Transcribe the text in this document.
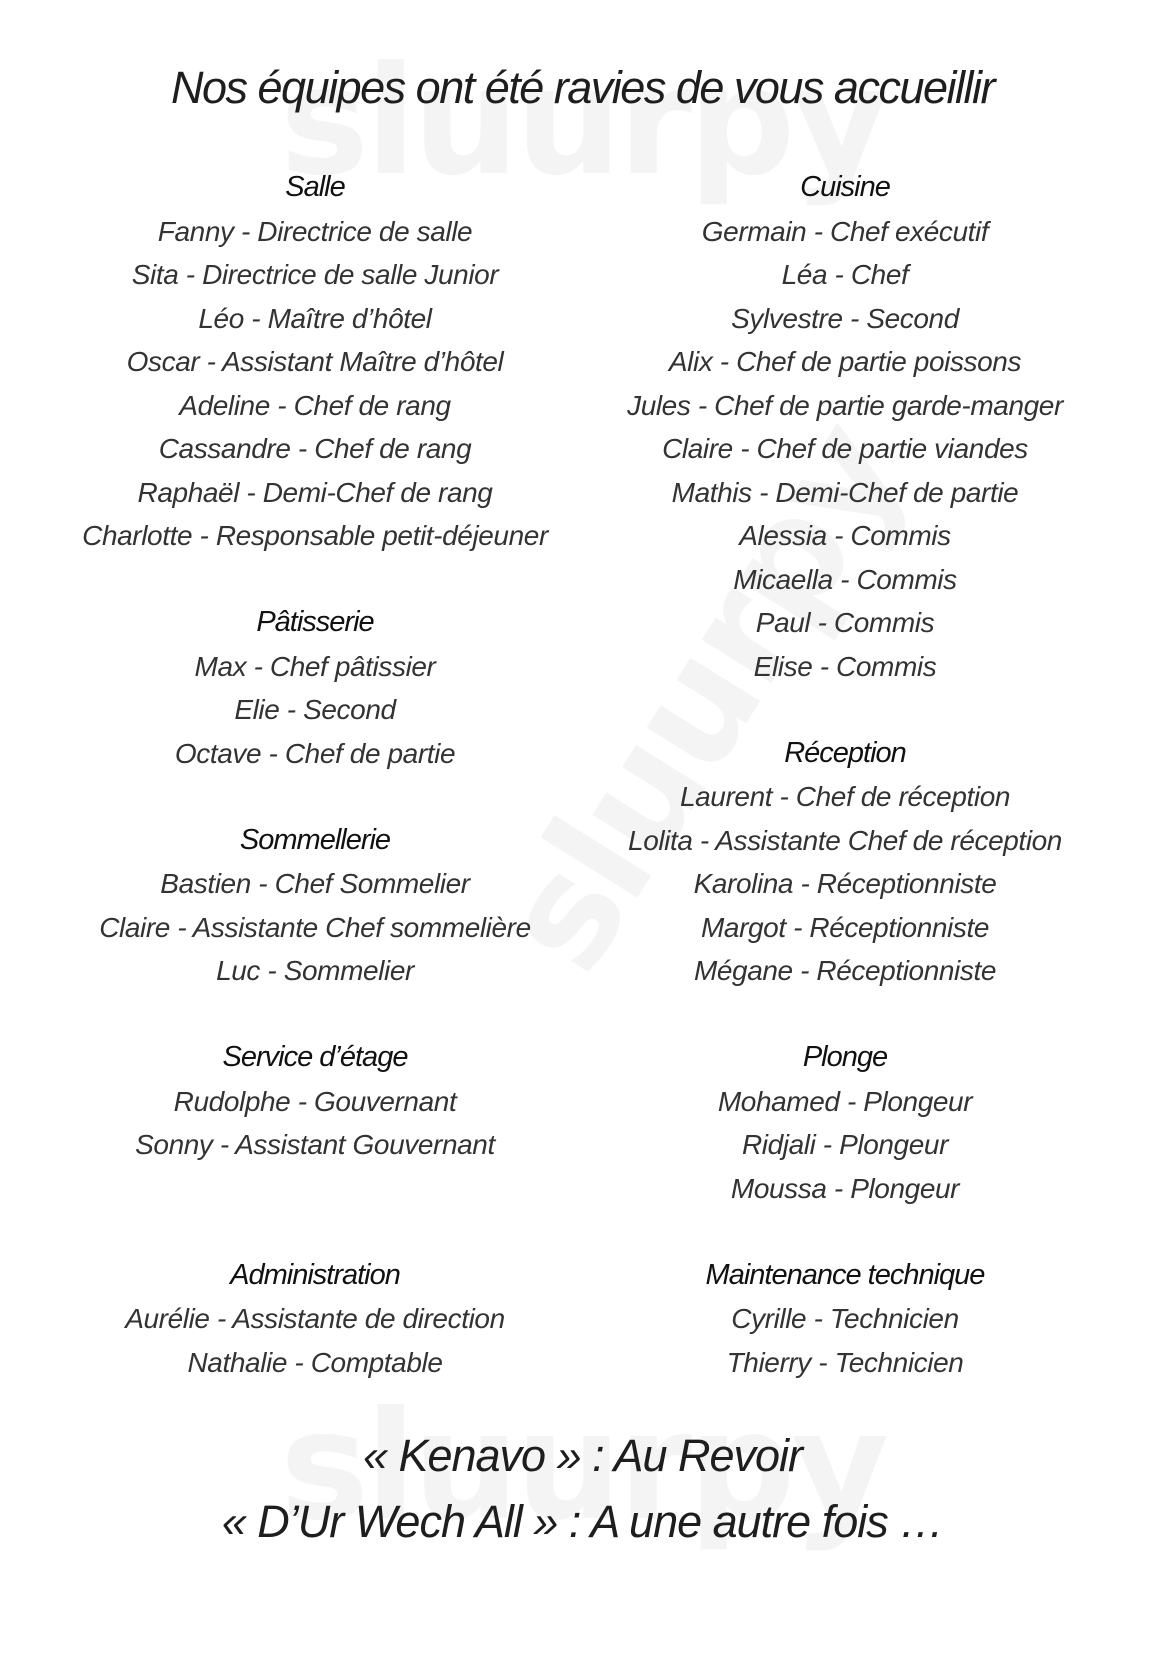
Nos équipes ont été ravies de vous accueillir
Salle
Fanny - Directrice de salle
Sita - Directrice de salle Junior
Léo - Maître d’hôtel
Oscar - Assistant Maître d’hôtel
Adeline - Chef de rang
Cassandre - Chef de rang
Raphaël - Demi-Chef de rang
Charlotte - Responsable petit-déjeuner
Pâtisserie
Max - Chef pâtissier
Elie - Second
Octave - Chef de partie
Sommellerie
Bastien - Chef Sommelier
Claire - Assistante Chef sommelière
Luc - Sommelier
Service d’étage
Rudolphe - Gouvernant
Sonny - Assistant Gouvernant
Administration
Aurélie - Assistante de direction
Nathalie - Comptable
Cuisine
Germain - Chef exécutif
Léa - Chef
Sylvestre - Second
Alix - Chef de partie poissons
Jules - Chef de partie garde-manger
Claire - Chef de partie viandes
Mathis - Demi-Chef de partie
Alessia - Commis
Micaella - Commis
Paul - Commis
Elise - Commis
Réception
Laurent - Chef de réception
Lolita - Assistante Chef de réception
Karolina - Réceptionniste
Margot - Réceptionniste
Mégane - Réceptionniste
Plonge
Mohamed - Plongeur
Ridjali - Plongeur
Moussa - Plongeur
Maintenance technique
Cyrille - Technicien
Thierry - Technicien
« Kenavo » : Au Revoir
« D’Ur Wech All » : A une autre fois …
